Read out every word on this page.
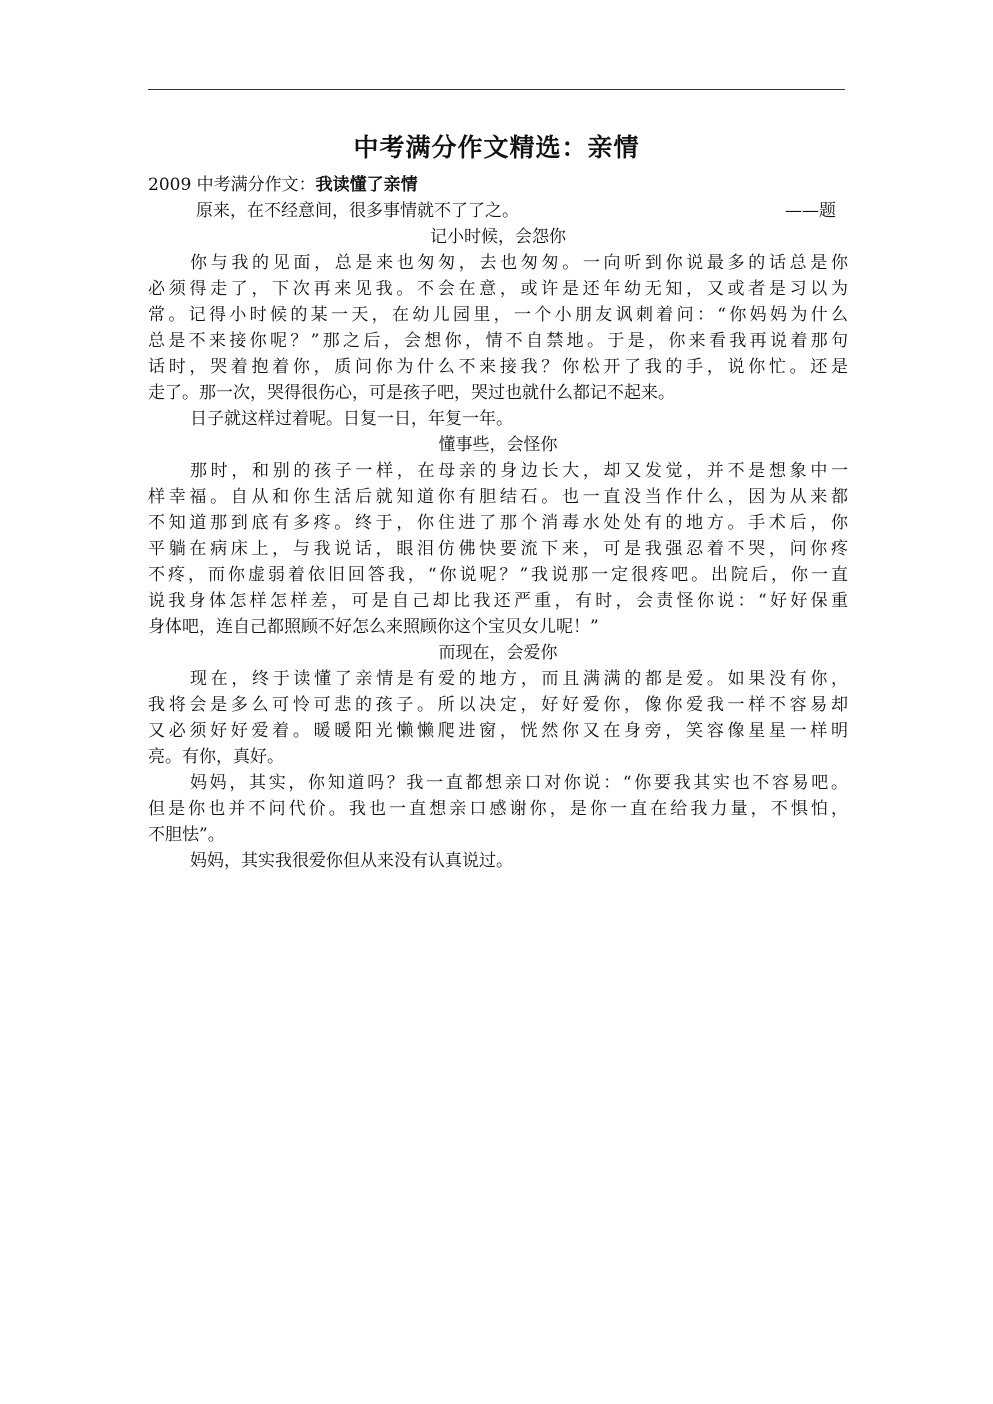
中考满分作文精选：亲情
2009 中考满分作文：我读懂了亲情
原来，在不经意间，很多事情就不了了之。	——题
记小时候，会怨你
你与我的见面，总是来也匆匆，去也匆匆。一向听到你说最多的话总是你
必须得走了，下次再来见我。不会在意，或许是还年幼无知，又或者是习以为
常。记得小时候的某一天，在幼儿园里，一个小朋友讽刺着问：“你妈妈为什么
总是不来接你呢？”那之后，会想你，情不自禁地。于是，你来看我再说着那句
话时，哭着抱着你，质问你为什么不来接我？你松开了我的手，说你忙。还是
走了。那一次，哭得很伤心，可是孩子吧，哭过也就什么都记不起来。
日子就这样过着呢。日复一日，年复一年。
懂事些，会怪你
那时，和别的孩子一样，在母亲的身边长大，却又发觉，并不是想象中一
样幸福。自从和你生活后就知道你有胆结石。也一直没当作什么，因为从来都
不知道那到底有多疼。终于，你住进了那个消毒水处处有的地方。手术后，你
平躺在病床上，与我说话，眼泪仿佛快要流下来，可是我强忍着不哭，问你疼
不疼，而你虚弱着依旧回答我，“你说呢？”我说那一定很疼吧。出院后，你一直
说我身体怎样怎样差，可是自己却比我还严重，有时，会责怪你说：“好好保重
身体吧，连自己都照顾不好怎么来照顾你这个宝贝女儿呢！”
而现在，会爱你
现在，终于读懂了亲情是有爱的地方，而且满满的都是爱。如果没有你，
我将会是多么可怜可悲的孩子。所以决定，好好爱你，像你爱我一样不容易却
又必须好好爱着。暖暖阳光懒懒爬进窗，恍然你又在身旁，笑容像星星一样明
亮。有你，真好。
妈妈，其实，你知道吗？我一直都想亲口对你说：“你要我其实也不容易吧。
但是你也并不问代价。我也一直想亲口感谢你，是你一直在给我力量，不惧怕，
不胆怯”。
妈妈，其实我很爱你但从来没有认真说过。
